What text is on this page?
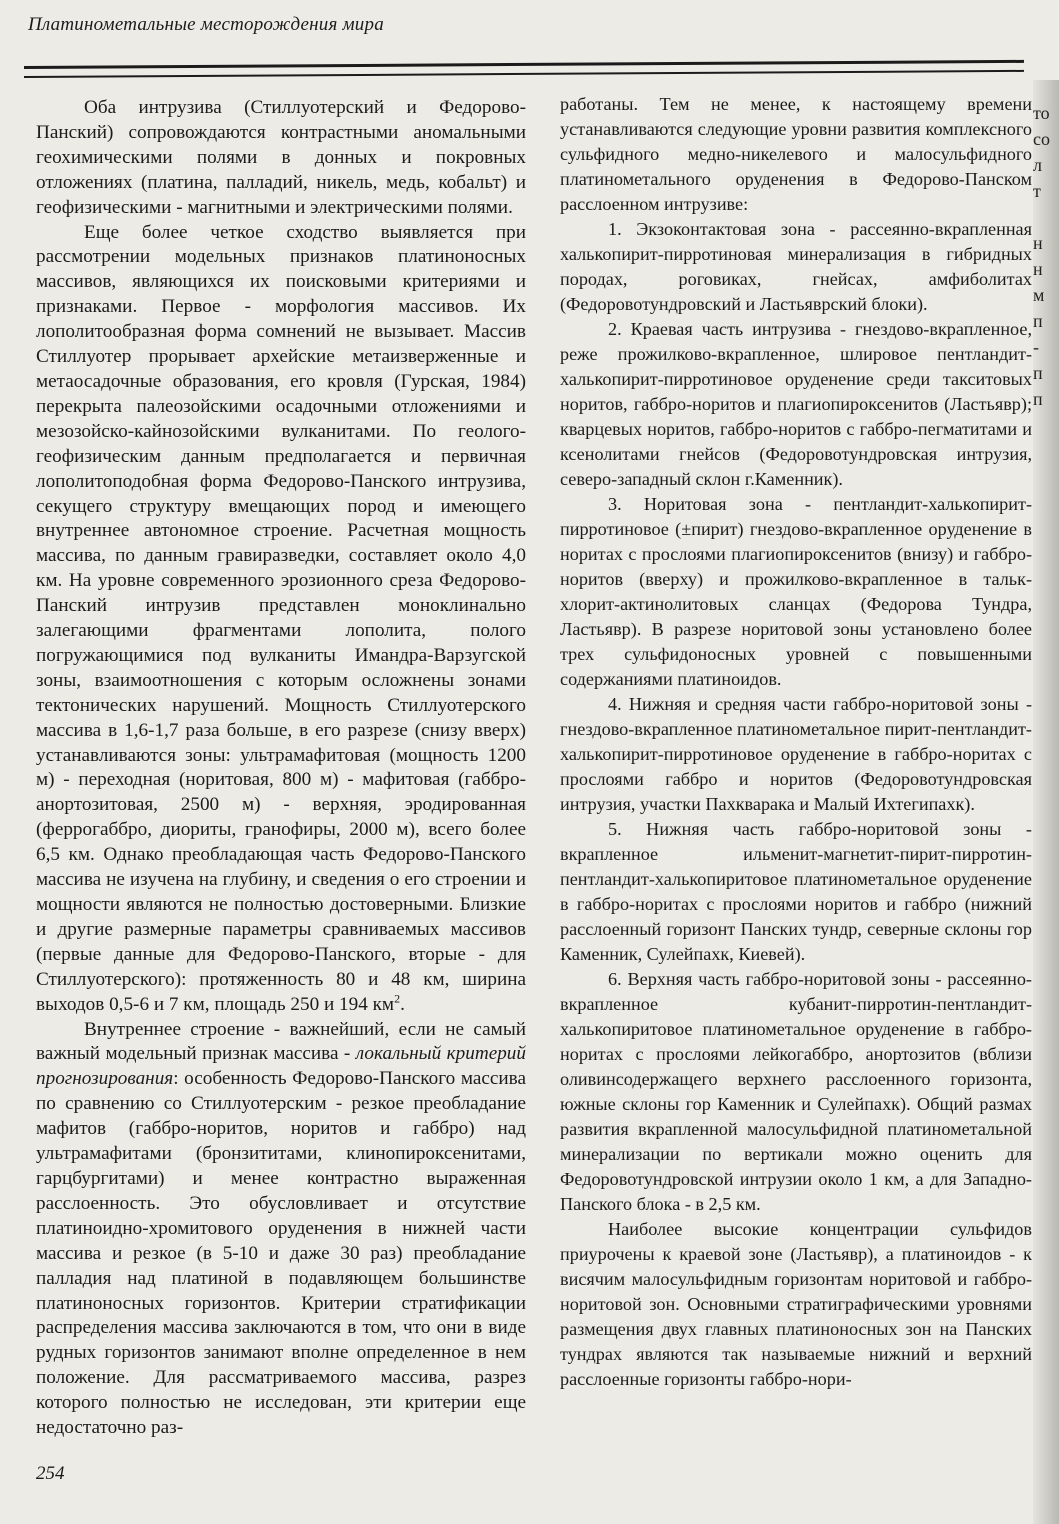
Платинометальные месторождения мира

Оба интрузива (Стиллуотерский и Федорово-Панский) сопровождаются контрастными аномальными геохимическими полями в донных и покровных отложениях (платина, палладий, никель, медь, кобальт) и геофизическими - магнитными и электрическими полями.

Еще более четкое сходство выявляется при рассмотрении модельных признаков платиноносных массивов, являющихся их поисковыми критериями и признаками. Первое - морфология массивов. Их лополитообразная форма сомнений не вызывает. Массив Стиллуотер прорывает архейские метаизверженные и метаосадочные образования, его кровля (Гурская, 1984) перекрыта палеозойскими осадочными отложениями и мезозойско-кайнозойскими вулканитами. По геолого-геофизическим данным предполагается и первичная лополитоподобная форма Федорово-Панского интрузива, секущего структуру вмещающих пород и имеющего внутреннее автономное строение. Расчетная мощность массива, по данным гравиразведки, составляет около 4,0 км. На уровне современного эрозионного среза Федорово-Панский интрузив представлен моноклинально залегающими фрагментами лополита, полого погружающимися под вулканиты Имандра-Варзугской зоны, взаимоотношения с которым осложнены зонами тектонических нарушений. Мощность Стиллуотерского массива в 1,6-1,7 раза больше, в его разрезе (снизу вверх) устанавливаются зоны: ультрамафитовая (мощность 1200 м) - переходная (норитовая, 800 м) - мафитовая (габбро-анортозитовая, 2500 м) - верхняя, эродированная (феррогаббро, диориты, гранофиры, 2000 м), всего более 6,5 км. Однако преобладающая часть Федорово-Панского массива не изучена на глубину, и сведения о его строении и мощности являются не полностью достоверными. Близкие и другие размерные параметры сравниваемых массивов (первые данные для Федорово-Панского, вторые - для Стиллуотерского): протяженность 80 и 48 км, ширина выходов 0,5-6 и 7 км, площадь 250 и 194 $км^2$.

Внутреннее строение - важнейший, если не самый важный модельный признак массива - локальный критерий прогнозирования: особенность Федорово-Панского массива по сравнению со Стиллуотерским - резкое преобладание мафитов (габбро-норитов, норитов и габбро) над ультрамафитами (бронзититами, клинопироксенитами, гарцбургитами) и менее контрастно выраженная расслоенность. Это обусловливает и отсутствие платиноидно-хромитового оруденения в нижней части массива и резкое (в 5-10 и даже 30 раз) преобладание палладия над платиной в подавляющем большинстве платиноносных горизонтов. Критерии стратификации распределения массива заключаются в том, что они в виде рудных горизонтов занимают вполне определенное в нем положение. Для рассматриваемого массива, разрез которого полностью не исследован, эти критерии еще недостаточно раз-

работаны. Тем не менее, к настоящему времени устанавливаются следующие уровни развития комплексного сульфидного медно-никелевого и малосульфидного платинометального оруденения в Федорово-Панском расслоенном интрузиве:

1. Экзоконтактовая зона - рассеянно-вкрапленная халькопирит-пирротиновая минерализация в гибридных породах, роговиках, гнейсах, амфиболитах (Федоровотундровский и Ластьяврский блоки).

2. Краевая часть интрузива - гнездово-вкрапленное, реже прожилково-вкрапленное, шлировое пентландит-халькопирит-пирротиновое оруденение среди такситовых норитов, габбро-норитов и плагиопироксенитов (Ластьявр); кварцевых норитов, габбро-норитов с габбро-пегматитами и ксенолитами гнейсов (Федоровотундровская интрузия, северо-западный склон г.Каменник).

3. Норитовая зона - пентландит-халькопирит-пирротиновое (±пирит) гнездово-вкрапленное оруденение в норитах с прослоями плагиопироксенитов (внизу) и габбро-норитов (вверху) и прожилково-вкрапленное в тальк-хлорит-актинолитовых сланцах (Федорова Тундра, Ластьявр). В разрезе норитовой зоны установлено более трех сульфидоносных уровней с повышенными содержаниями платиноидов.

4. Нижняя и средняя части габбро-норитовой зоны - гнездово-вкрапленное платинометальное пирит-пентландит-халькопирит-пирротиновое оруденение в габбро-норитах с прослоями габбро и норитов (Федоровотундровская интрузия, участки Пахкварака и Малый Ихтегипахк).

5. Нижняя часть габбро-норитовой зоны - вкрапленное ильменит-магнетит-пирит-пирротин-пентландит-халькопиритовое платинометальное оруденение в габбро-норитах с прослоями норитов и габбро (нижний расслоенный горизонт Панских тундр, северные склоны гор Каменник, Сулейпахк, Киевей).

6. Верхняя часть габбро-норитовой зоны - рассеянно-вкрапленное кубанит-пирротин-пентландит-халькопиритовое платинометальное оруденение в габбро-норитах с прослоями лейкогаббро, анортозитов (вблизи оливинсодержащего верхнего расслоенного горизонта, южные склоны гор Каменник и Сулейпахк). Общий размах развития вкрапленной малосульфидной платинометальной минерализации по вертикали можно оценить для Федоровотундровской интрузии около 1 км, а для Западно-Панского блока - в 2,5 км.

Наиболее высокие концентрации сульфидов приурочены к краевой зоне (Ластьявр), а платиноидов - к висячим малосульфидным горизонтам норитовой и габбро-норитовой зон. Основными стратиграфическими уровнями размещения двух главных платиноносных зон на Панских тундрах являются так называемые нижний и верхний расслоенные горизонты габбро-нори-

то
со
л
т

н
н
м
п
-
п
п
254
